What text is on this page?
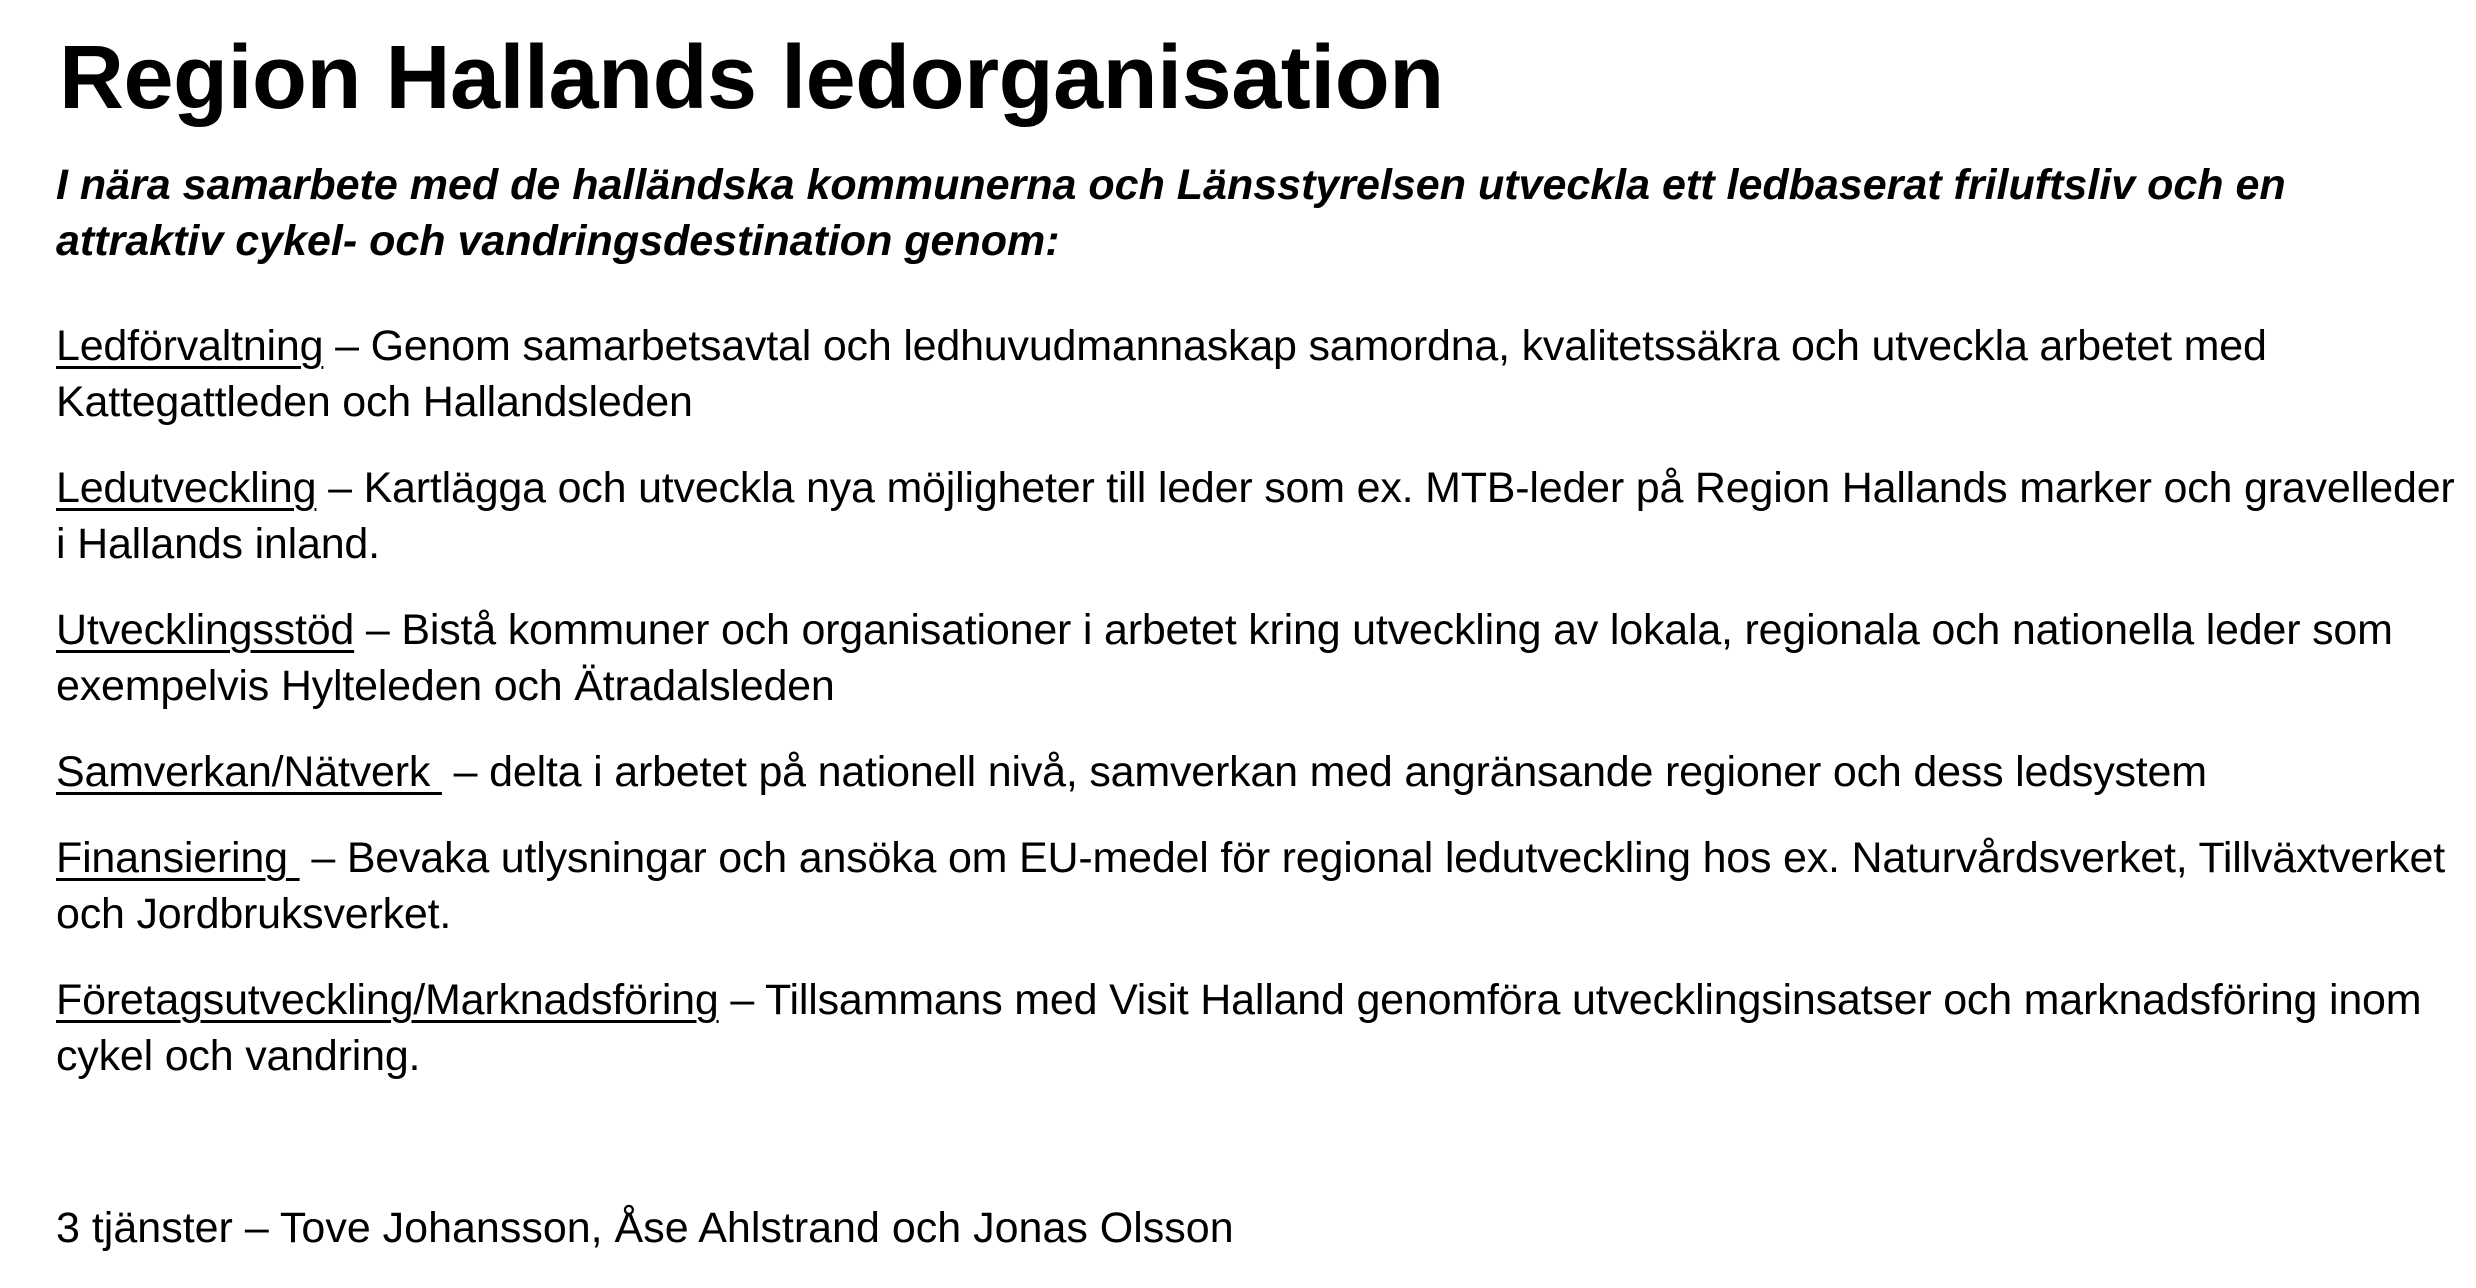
Region Hallands ledorganisation

I nära samarbete med de halländska kommunerna och Länsstyrelsen utveckla ett ledbaserat friluftsliv och en attraktiv cykel- och vandringsdestination genom:

Ledförvaltning – Genom samarbetsavtal och ledhuvudmannaskap samordna, kvalitetssäkra och utveckla arbetet med Kattegattleden och Hallandsleden
Ledutveckling – Kartlägga och utveckla nya möjligheter till leder som ex. MTB-leder på Region Hallands marker och gravelleder i Hallands inland.
Utvecklingsstöd – Bistå kommuner och organisationer i arbetet kring utveckling av lokala, regionala och nationella leder som exempelvis Hylteleden och Ätradalsleden
Samverkan/Nätverk  – delta i arbetet på nationell nivå, samverkan med angränsande regioner och dess ledsystem
Finansiering  – Bevaka utlysningar och ansöka om EU-medel för regional ledutveckling hos ex. Naturvårdsverket, Tillväxtverket och Jordbruksverket.
Företagsutveckling/Marknadsföring – Tillsammans med Visit Halland genomföra utvecklingsinsatser och marknadsföring inom cykel och vandring.

3 tjänster – Tove Johansson, Åse Ahlstrand och Jonas Olsson
